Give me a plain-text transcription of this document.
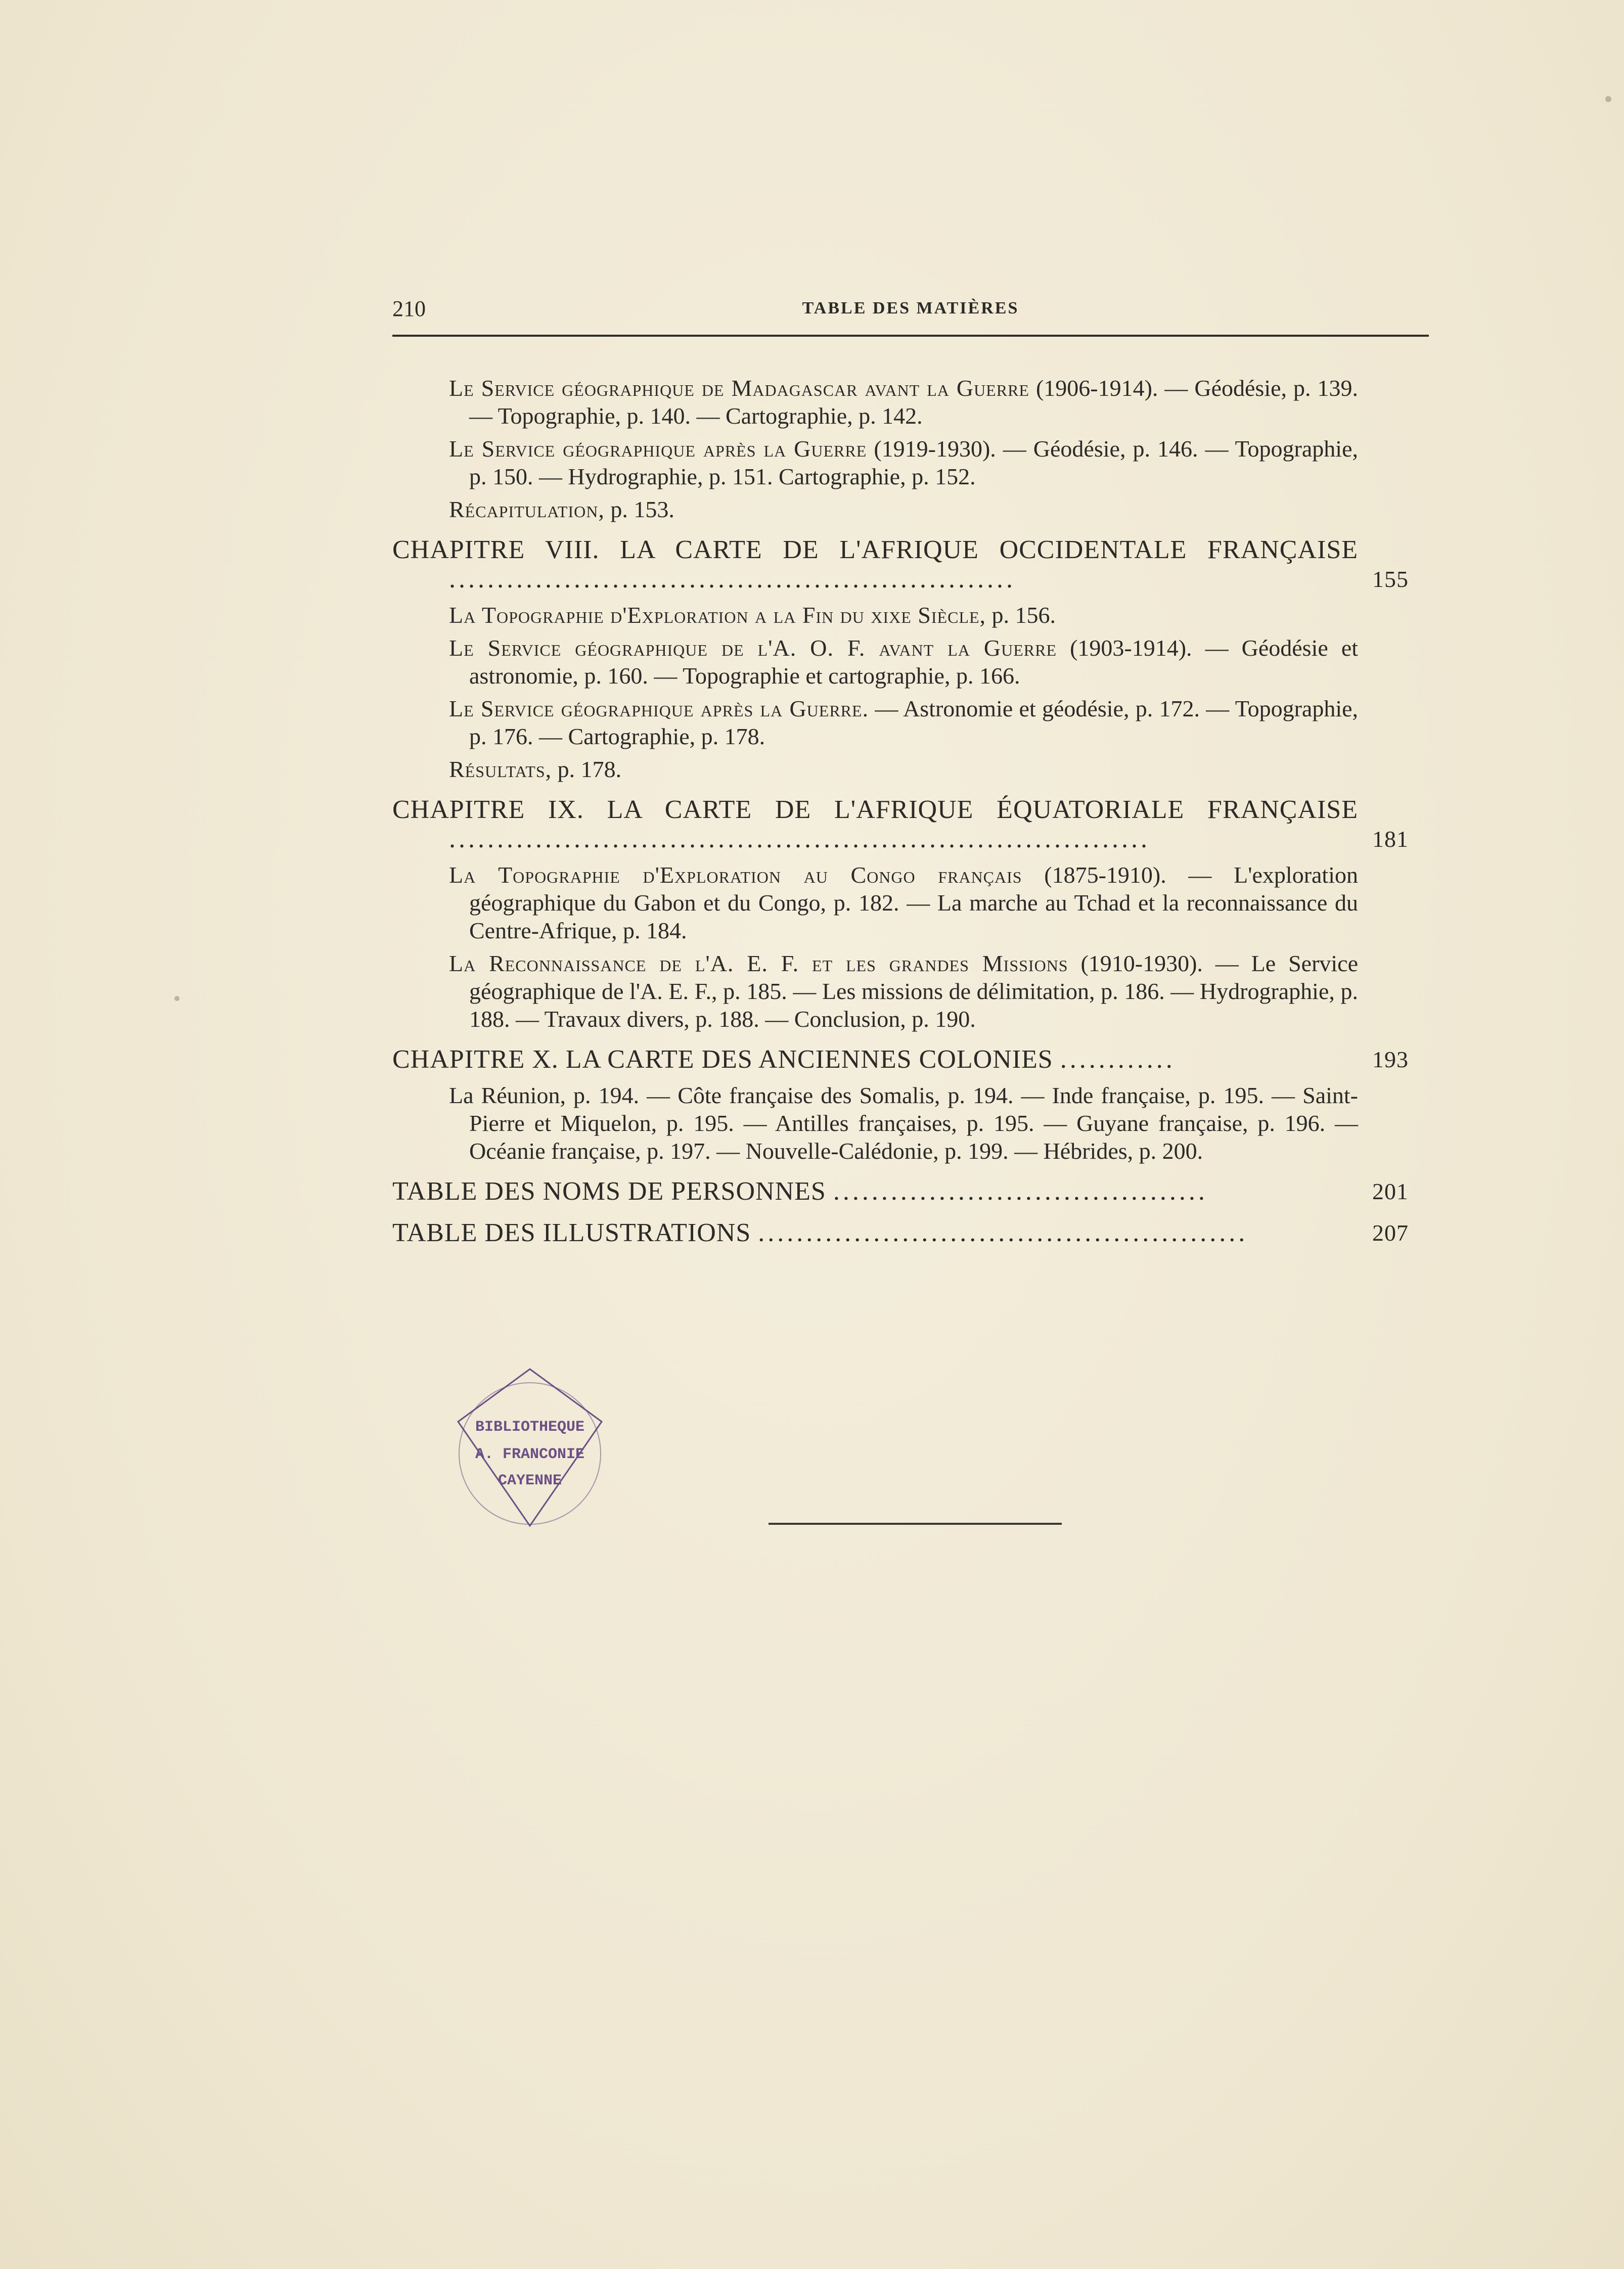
210	TABLE DES MATIÈRES

Le Service géographique de Madagascar avant la Guerre (1906-1914). — Géodésie, p. 139. — Topographie, p. 140. — Cartographie, p. 142.

Le Service géographique après la Guerre (1919-1930). — Géodésie, p. 146. — Topographie, p. 150. — Hydrographie, p. 151. Cartographie, p. 152.

Récapitulation, p. 153.

CHAPITRE VIII. LA CARTE DE L'AFRIQUE OCCIDENTALE FRANÇAISE ...........................................................	155

La Topographie d'Exploration a la Fin du xixe Siècle, p. 156.

Le Service géographique de l'A. O. F. avant la Guerre (1903-1914). — Géodésie et astronomie, p. 160. — Topographie et cartographie, p. 166.

Le Service géographique après la Guerre. — Astronomie et géodésie, p. 172. — Topographie, p. 176. — Cartographie, p. 178.

Résultats, p. 178.

CHAPITRE IX. LA CARTE DE L'AFRIQUE ÉQUATORIALE FRANÇAISE .........................................................................	181

La Topographie d'Exploration au Congo français (1875-1910). — L'exploration géographique du Gabon et du Congo, p. 182. — La marche au Tchad et la reconnaissance du Centre-Afrique, p. 184.

La Reconnaissance de l'A. E. F. et les grandes Missions (1910-1930). — Le Service géographique de l'A. E. F., p. 185. — Les missions de délimitation, p. 186. — Hydrographie, p. 188. — Travaux divers, p. 188. — Conclusion, p. 190.

CHAPITRE X. LA CARTE DES ANCIENNES COLONIES ............	193

La Réunion, p. 194. — Côte française des Somalis, p. 194. — Inde française, p. 195. — Saint-Pierre et Miquelon, p. 195. — Antilles françaises, p. 195. — Guyane française, p. 196. — Océanie française, p. 197. — Nouvelle-Calédonie, p. 199. — Hébrides, p. 200.

TABLE DES NOMS DE PERSONNES .......................................	201
TABLE DES ILLUSTRATIONS ...................................................	207
BIBLIOTHEQUE
A. FRANCONIE
CAYENNE
